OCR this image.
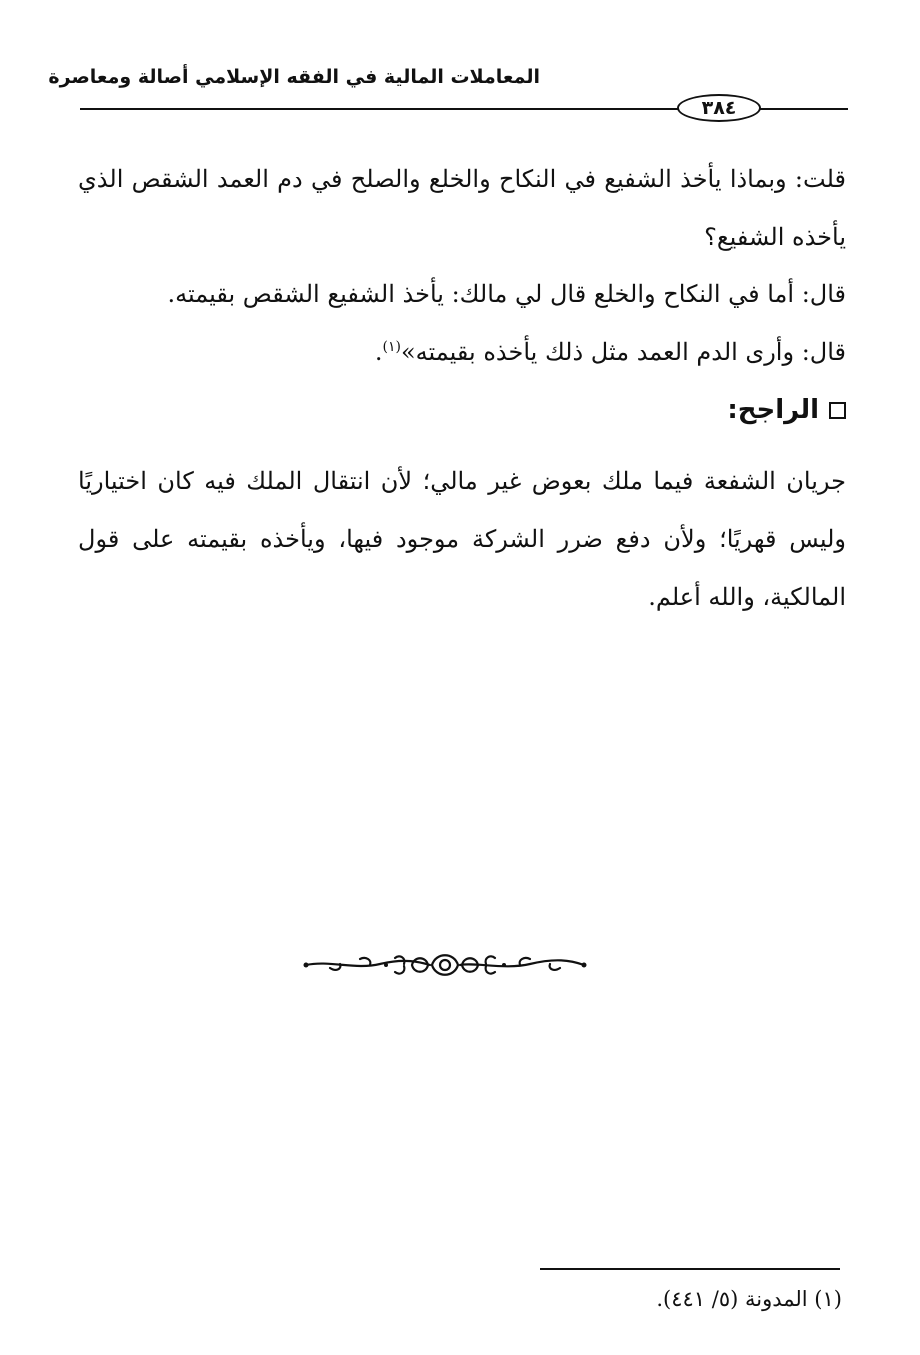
المعاملات المالية في الفقه الإسلامي أصالة ومعاصرة
٣٨٤

قلت: وبماذا يأخذ الشفيع في النكاح والخلع والصلح في دم العمد الشقص الذي يأخذه الشفيع؟

قال: أما في النكاح والخلع قال لي مالك: يأخذ الشفيع الشقص بقيمته.

قال: وأرى الدم العمد مثل ذلك يأخذه بقيمته»$^{(١)}$.

الراجح:

جريان الشفعة فيما ملك بعوض غير مالي؛ لأن انتقال الملك فيه كان اختياريًا وليس قهريًا؛ ولأن دفع ضرر الشركة موجود فيها، ويأخذه بقيمته على قول المالكية، والله أعلم.

(١) المدونة (٥/ ٤٤١).
